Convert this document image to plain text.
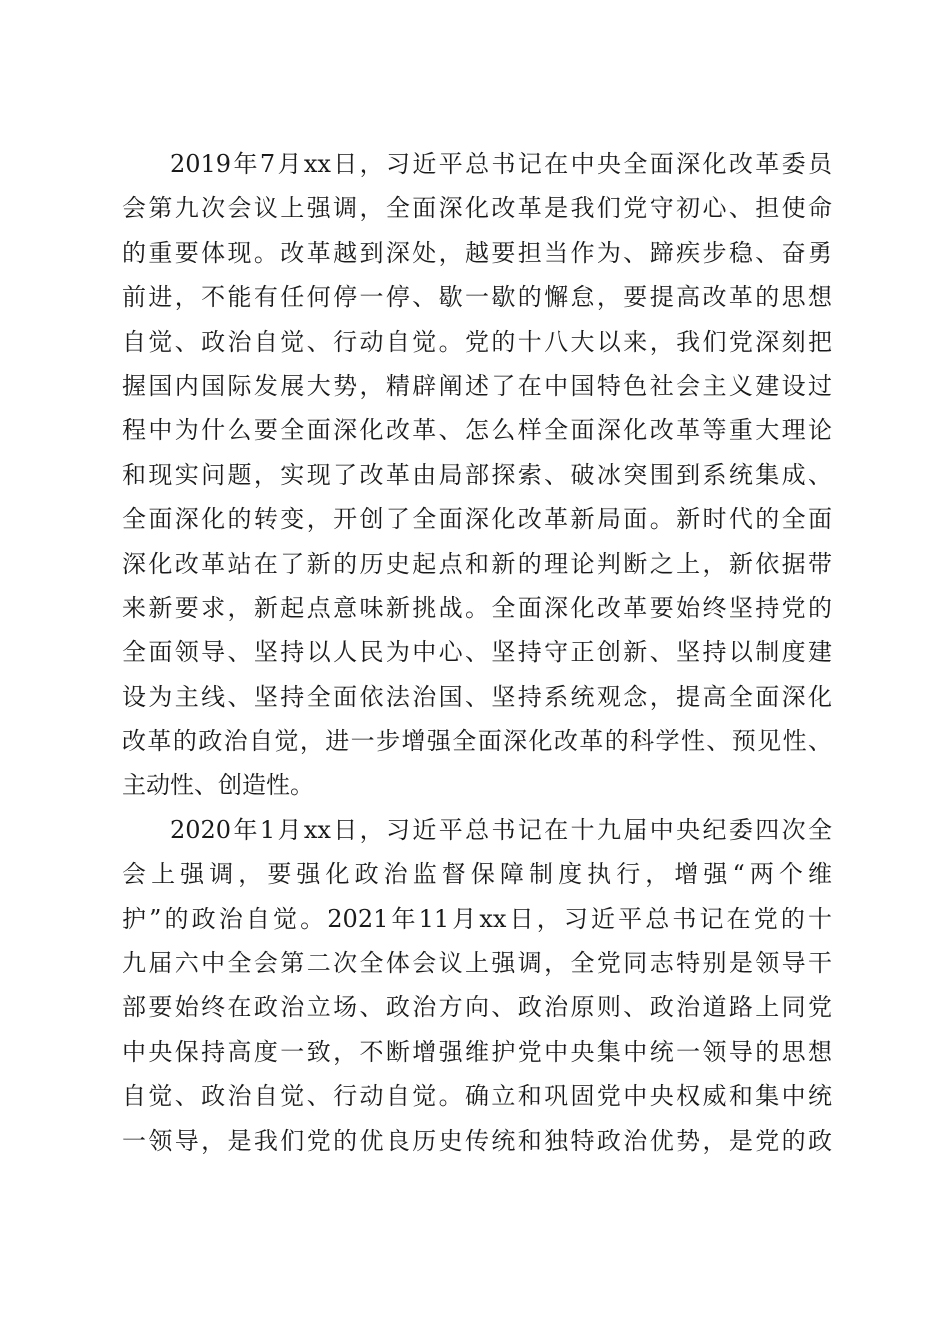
2019年7月xx日，习近平总书记在中央全面深化改革委员
会第九次会议上强调，全面深化改革是我们党守初心、担使命
的重要体现。改革越到深处，越要担当作为、蹄疾步稳、奋勇
前进，不能有任何停一停、歇一歇的懈怠，要提高改革的思想
自觉、政治自觉、行动自觉。党的十八大以来，我们党深刻把
握国内国际发展大势，精辟阐述了在中国特色社会主义建设过
程中为什么要全面深化改革、怎么样全面深化改革等重大理论
和现实问题，实现了改革由局部探索、破冰突围到系统集成、
全面深化的转变，开创了全面深化改革新局面。新时代的全面
深化改革站在了新的历史起点和新的理论判断之上，新依据带
来新要求，新起点意味新挑战。全面深化改革要始终坚持党的
全面领导、坚持以人民为中心、坚持守正创新、坚持以制度建
设为主线、坚持全面依法治国、坚持系统观念，提高全面深化
改革的政治自觉，进一步增强全面深化改革的科学性、预见性、
主动性、创造性。
2020年1月xx日，习近平总书记在十九届中央纪委四次全
会上强调，要强化政治监督保障制度执行，增强“两个维
护”的政治自觉。2021年11月xx日，习近平总书记在党的十
九届六中全会第二次全体会议上强调，全党同志特别是领导干
部要始终在政治立场、政治方向、政治原则、政治道路上同党
中央保持高度一致，不断增强维护党中央集中统一领导的思想
自觉、政治自觉、行动自觉。确立和巩固党中央权威和集中统
一领导，是我们党的优良历史传统和独特政治优势，是党的政
